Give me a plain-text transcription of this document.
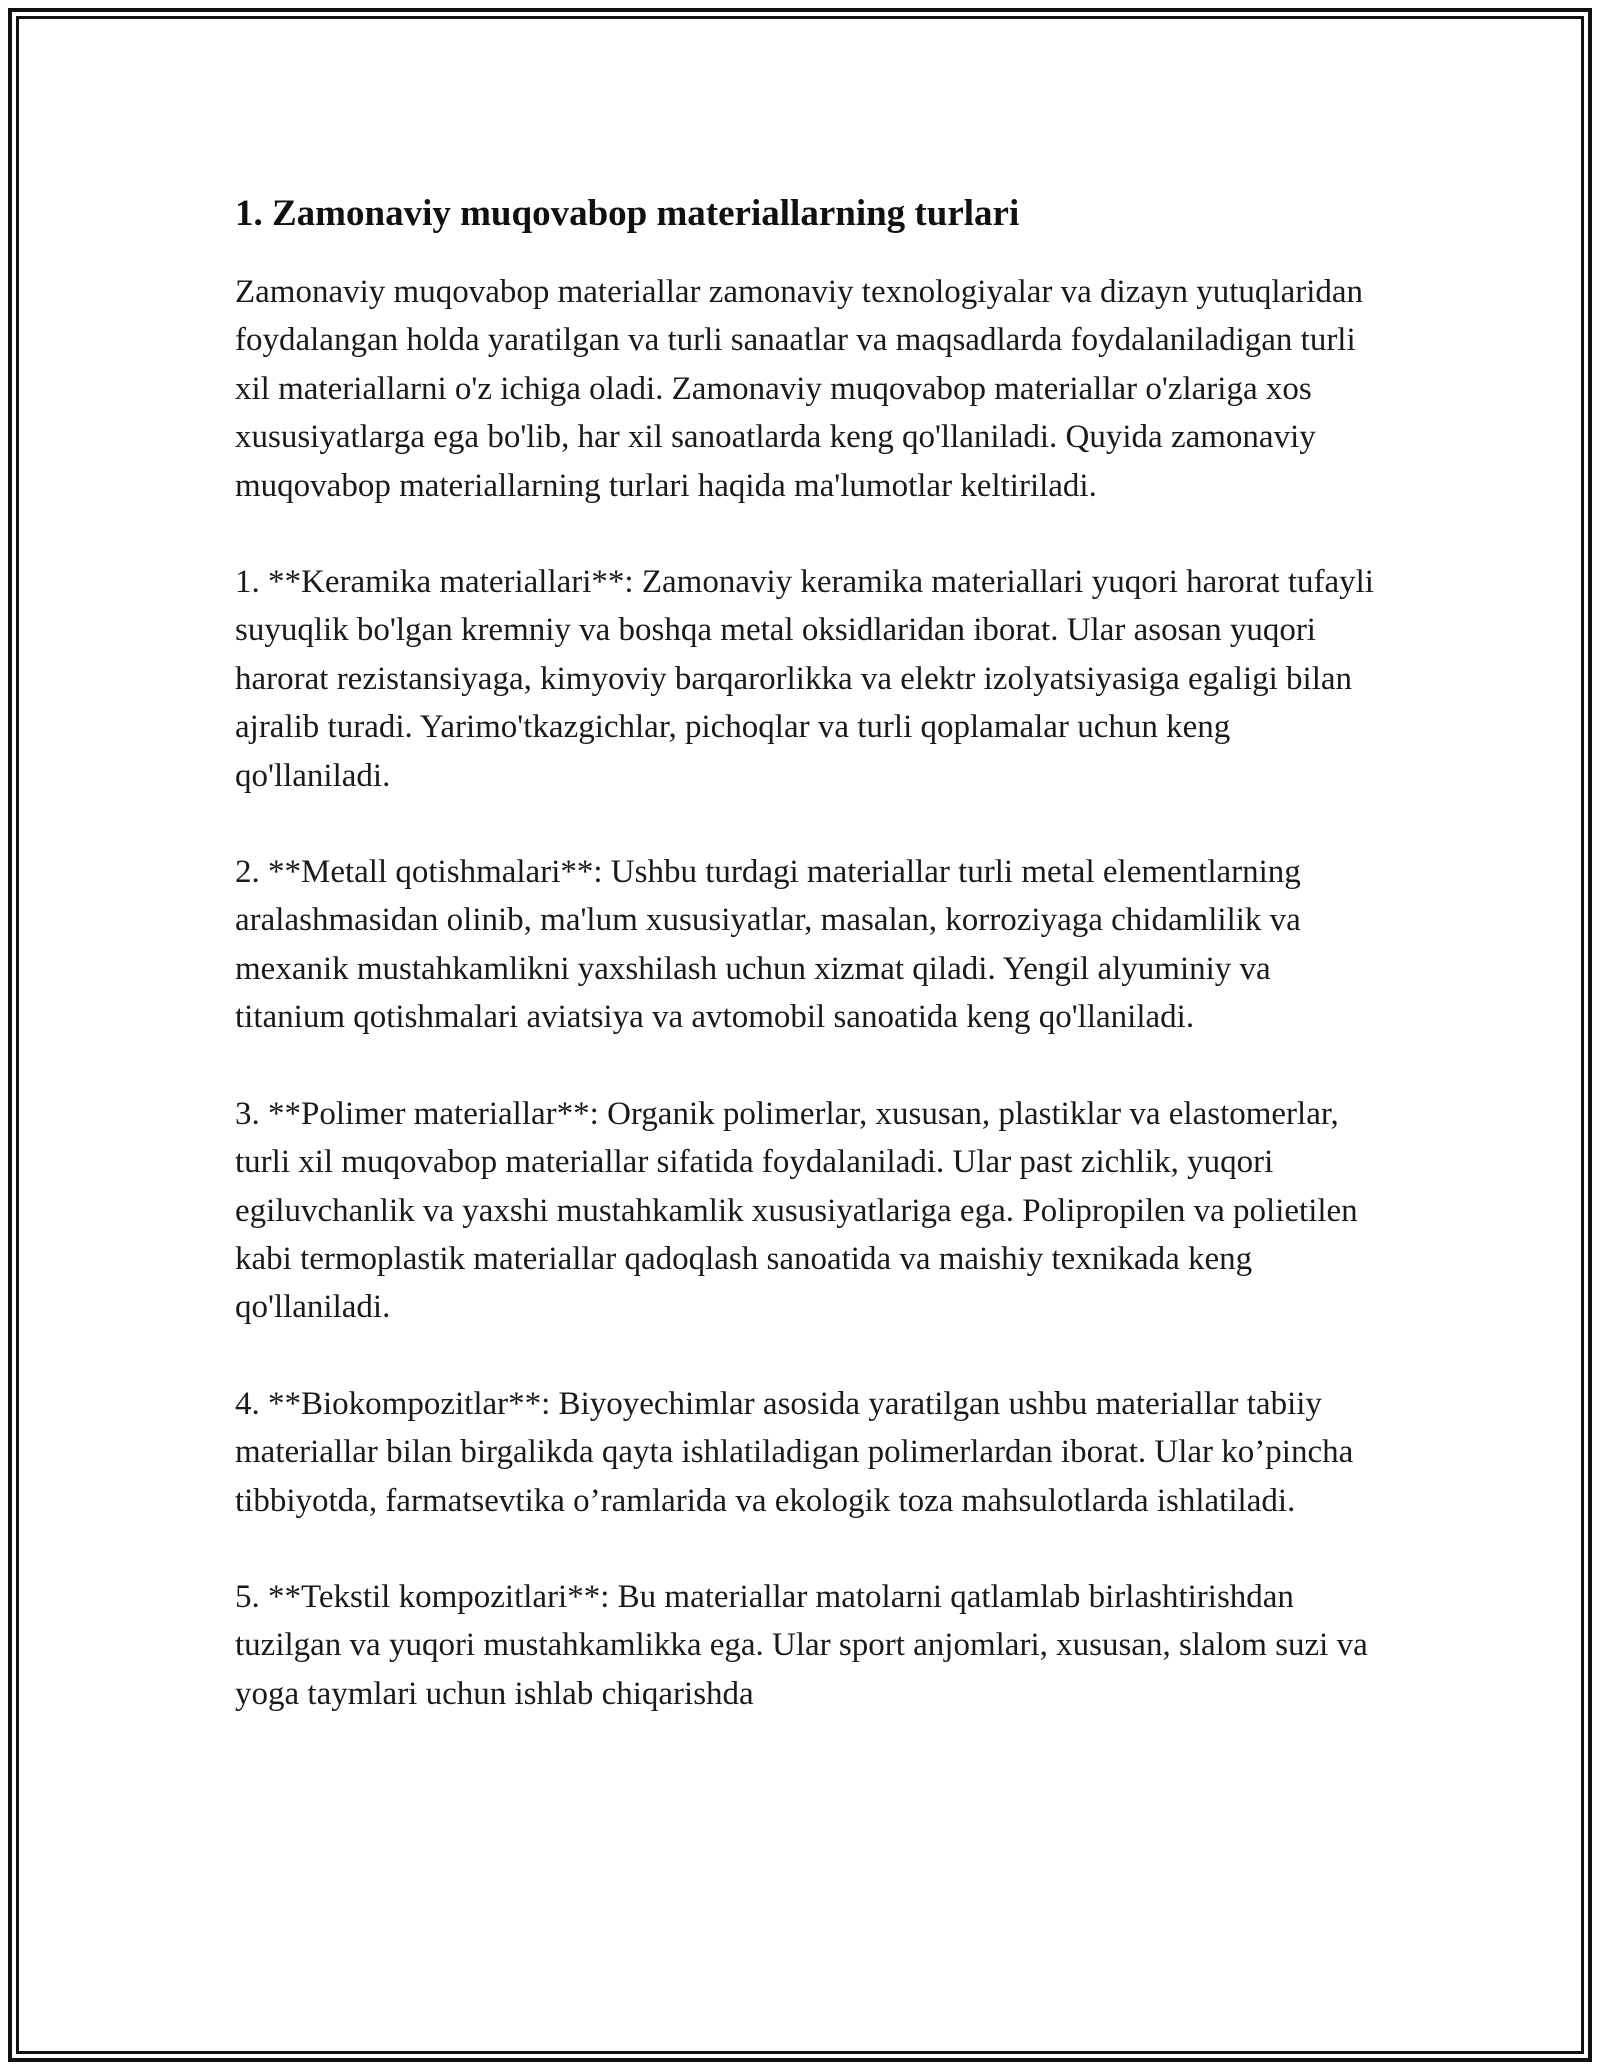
1. Zamonaviy muqovabop materiallarning turlari

Zamonaviy muqovabop materiallar zamonaviy texnologiyalar va dizayn yutuqlaridan foydalangan holda yaratilgan va turli sanaatlar va maqsadlarda foydalaniladigan turli xil materiallarni o'z ichiga oladi. Zamonaviy muqovabop materiallar o'zlariga xos xususiyatlarga ega bo'lib, har xil sanoatlarda keng qo'llaniladi. Quyida zamonaviy muqovabop materiallarning turlari haqida ma'lumotlar keltiriladi.

1. **Keramika materiallari**: Zamonaviy keramika materiallari yuqori harorat tufayli suyuqlik bo'lgan kremniy va boshqa metal oksidlaridan iborat. Ular asosan yuqori harorat rezistansiyaga, kimyoviy barqarorlikka va elektr izolyatsiyasiga egaligi bilan ajralib turadi. Yarimo'tkazgichlar, pichoqlar va turli qoplamalar uchun keng qo'llaniladi.

2. **Metall qotishmalari**: Ushbu turdagi materiallar turli metal elementlarning aralashmasidan olinib, ma'lum xususiyatlar, masalan, korroziyaga chidamlilik va mexanik mustahkamlikni yaxshilash uchun xizmat qiladi. Yengil alyuminiy va titanium qotishmalari aviatsiya va avtomobil sanoatida keng qo'llaniladi.

3. **Polimer materiallar**: Organik polimerlar, xususan, plastiklar va elastomerlar, turli xil muqovabop materiallar sifatida foydalaniladi. Ular past zichlik, yuqori egiluvchanlik va yaxshi mustahkamlik xususiyatlariga ega. Polipropilen va polietilen kabi termoplastik materiallar qadoqlash sanoatida va maishiy texnikada keng qo'llaniladi.

4. **Biokompozitlar**: Biyoyechimlar asosida yaratilgan ushbu materiallar tabiiy materiallar bilan birgalikda qayta ishlatiladigan polimerlardan iborat. Ular ko’pincha tibbiyotda, farmatsevtika o’ramlarida va ekologik toza mahsulotlarda ishlatiladi.

5. **Tekstil kompozitlari**: Bu materiallar matolarni qatlamlab birlashtirishdan tuzilgan va yuqori mustahkamlikka ega. Ular sport anjomlari, xususan, slalom suzi va yoga taymlari uchun ishlab chiqarishda
